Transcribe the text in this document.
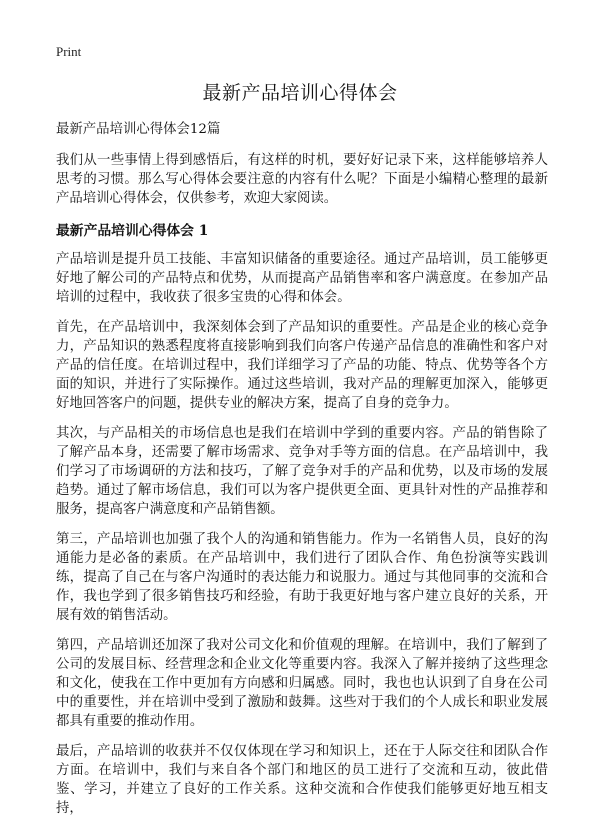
Print
最新产品培训心得体会

最新产品培训心得体会12篇

我们从一些事情上得到感悟后，有这样的时机，要好好记录下来，这样能够培养人思考的习惯。那么写心得体会要注意的内容有什么呢？下面是小编精心整理的最新产品培训心得体会，仅供参考，欢迎大家阅读。

最新产品培训心得体会 1

产品培训是提升员工技能、丰富知识储备的重要途径。通过产品培训，员工能够更好地了解公司的产品特点和优势，从而提高产品销售率和客户满意度。在参加产品培训的过程中，我收获了很多宝贵的心得和体会。

首先，在产品培训中，我深刻体会到了产品知识的重要性。产品是企业的核心竞争力，产品知识的熟悉程度将直接影响到我们向客户传递产品信息的准确性和客户对产品的信任度。在培训过程中，我们详细学习了产品的功能、特点、优势等各个方面的知识，并进行了实际操作。通过这些培训，我对产品的理解更加深入，能够更好地回答客户的问题，提供专业的解决方案，提高了自身的竞争力。

其次，与产品相关的市场信息也是我们在培训中学到的重要内容。产品的销售除了了解产品本身，还需要了解市场需求、竞争对手等方面的信息。在产品培训中，我们学习了市场调研的方法和技巧，了解了竞争对手的产品和优势，以及市场的发展趋势。通过了解市场信息，我们可以为客户提供更全面、更具针对性的产品推荐和服务，提高客户满意度和产品销售额。

第三，产品培训也加强了我个人的沟通和销售能力。作为一名销售人员，良好的沟通能力是必备的素质。在产品培训中，我们进行了团队合作、角色扮演等实践训练，提高了自己在与客户沟通时的表达能力和说服力。通过与其他同事的交流和合作，我也学到了很多销售技巧和经验，有助于我更好地与客户建立良好的关系，开展有效的销售活动。

第四，产品培训还加深了我对公司文化和价值观的理解。在培训中，我们了解到了公司的发展目标、经营理念和企业文化等重要内容。我深入了解并接纳了这些理念和文化，使我在工作中更加有方向感和归属感。同时，我也也认识到了自身在公司中的重要性，并在培训中受到了激励和鼓舞。这些对于我们的个人成长和职业发展都具有重要的推动作用。

最后，产品培训的收获并不仅仅体现在学习和知识上，还在于人际交往和团队合作方面。在培训中，我们与来自各个部门和地区的员工进行了交流和互动，彼此借鉴、学习，并建立了良好的工作关系。这种交流和合作使我们能够更好地互相支持，
